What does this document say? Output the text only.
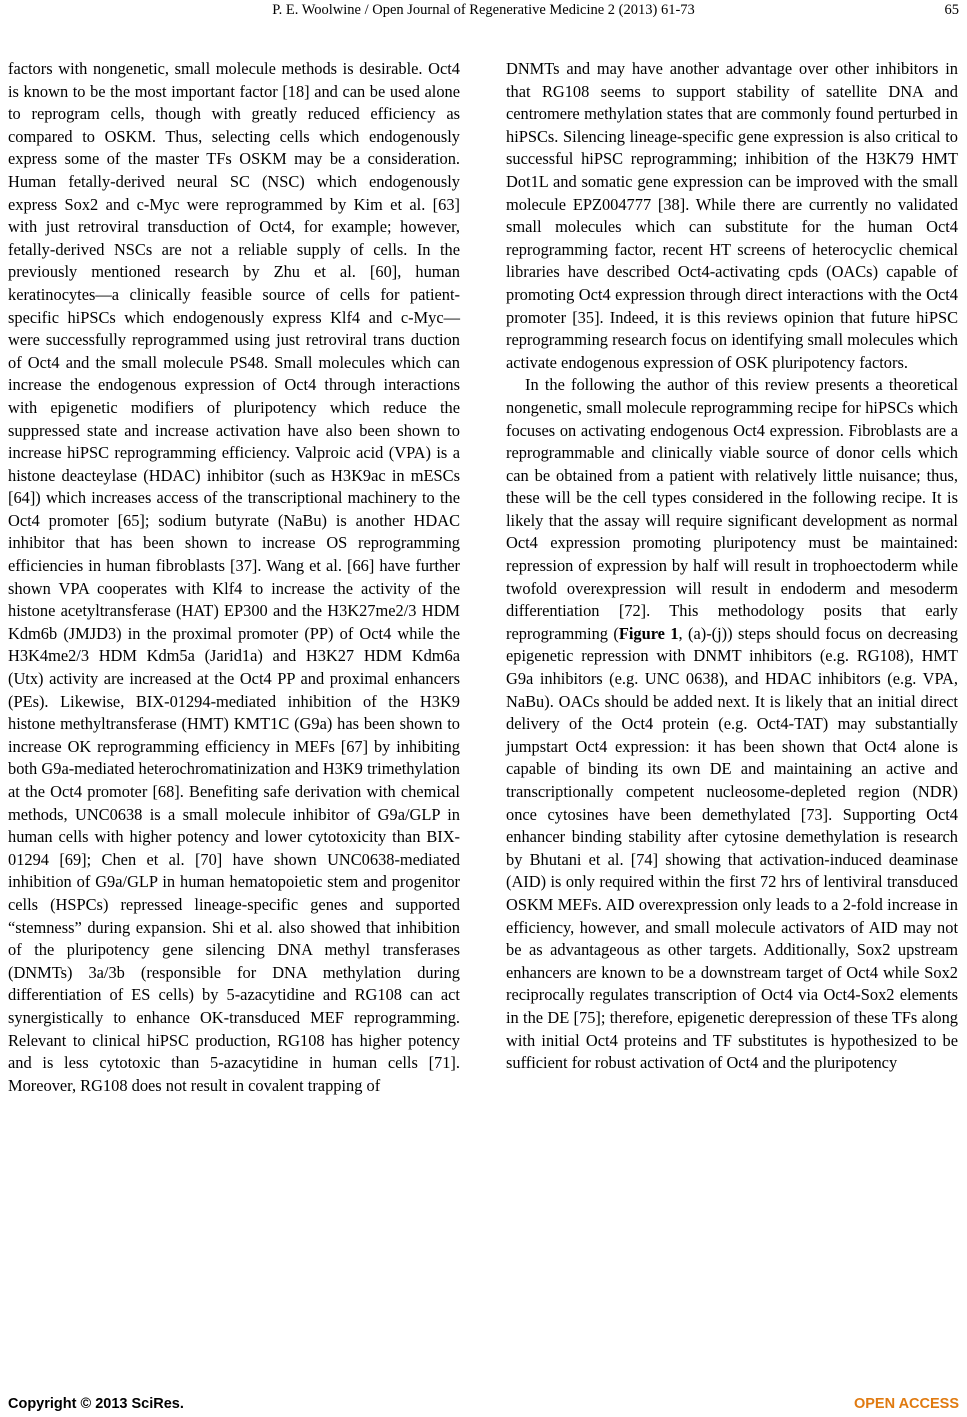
P. E. Woolwine / Open Journal of Regenerative Medicine 2 (2013) 61-73	65

factors with nongenetic, small molecule methods is desirable. Oct4 is known to be the most important factor [18] and can be used alone to reprogram cells, though with greatly reduced efficiency as compared to OSKM. Thus, selecting cells which endogenously express some of the master TFs OSKM may be a consideration. Human fetally-derived neural SC (NSC) which endogenously express Sox2 and c-Myc were reprogrammed by Kim et al. [63] with just retroviral transduction of Oct4, for example; however, fetally-derived NSCs are not a reliable supply of cells. In the previously mentioned research by Zhu et al. [60], human keratinocytes—a clinically feasible source of cells for patient-specific hiPSCs which endogenously express Klf4 and c-Myc—were successfully reprogrammed using just retroviral trans duction of Oct4 and the small molecule PS48. Small molecules which can increase the endogenous expression of Oct4 through interactions with epigenetic modifiers of pluripotency which reduce the suppressed state and increase activation have also been shown to increase hiPSC reprogramming efficiency. Valproic acid (VPA) is a histone deacteylase (HDAC) inhibitor (such as H3K9ac in mESCs [64]) which increases access of the transcriptional machinery to the Oct4 promoter [65]; sodium butyrate (NaBu) is another HDAC inhibitor that has been shown to increase OS reprogramming efficiencies in human fibroblasts [37]. Wang et al. [66] have further shown VPA cooperates with Klf4 to increase the activity of the histone acetyltransferase (HAT) EP300 and the H3K27me2/3 HDM Kdm6b (JMJD3) in the proximal promoter (PP) of Oct4 while the H3K4me2/3 HDM Kdm5a (Jarid1a) and H3K27 HDM Kdm6a (Utx) activity are increased at the Oct4 PP and proximal enhancers (PEs). Likewise, BIX-01294-mediated inhibition of the H3K9 histone methyltransferase (HMT) KMT1C (G9a) has been shown to increase OK reprogramming efficiency in MEFs [67] by inhibiting both G9a-mediated heterochromatinization and H3K9 trimethylation at the Oct4 promoter [68]. Benefiting safe derivation with chemical methods, UNC0638 is a small molecule inhibitor of G9a/GLP in human cells with higher potency and lower cytotoxicity than BIX-01294 [69]; Chen et al. [70] have shown UNC0638-mediated inhibition of G9a/GLP in human hematopoietic stem and progenitor cells (HSPCs) repressed lineage-specific genes and supported “stemness” during expansion. Shi et al. also showed that inhibition of the pluripotency gene silencing DNA methyl transferases (DNMTs) 3a/3b (responsible for DNA methylation during differentiation of ES cells) by 5-azacytidine and RG108 can act synergistically to enhance OK-transduced MEF reprogramming. Relevant to clinical hiPSC production, RG108 has higher potency and is less cytotoxic than 5-azacytidine in human cells [71]. Moreover, RG108 does not result in covalent trapping of

DNMTs and may have another advantage over other inhibitors in that RG108 seems to support stability of satellite DNA and centromere methylation states that are commonly found perturbed in hiPSCs. Silencing lineage-specific gene expression is also critical to successful hiPSC reprogramming; inhibition of the H3K79 HMT Dot1L and somatic gene expression can be improved with the small molecule EPZ004777 [38]. While there are currently no validated small molecules which can substitute for the human Oct4 reprogramming factor, recent HT screens of heterocyclic chemical libraries have described Oct4-activating cpds (OACs) capable of promoting Oct4 expression through direct interactions with the Oct4 promoter [35]. Indeed, it is this reviews opinion that future hiPSC reprogramming research focus on identifying small molecules which activate endogenous expression of OSK pluripotency factors.

In the following the author of this review presents a theoretical nongenetic, small molecule reprogramming recipe for hiPSCs which focuses on activating endogenous Oct4 expression. Fibroblasts are a reprogrammable and clinically viable source of donor cells which can be obtained from a patient with relatively little nuisance; thus, these will be the cell types considered in the following recipe. It is likely that the assay will require significant development as normal Oct4 expression promoting pluripotency must be maintained: repression of expression by half will result in trophoectoderm while twofold overexpression will result in endoderm and mesoderm differentiation [72]. This methodology posits that early reprogramming (Figure 1, (a)-(j)) steps should focus on decreasing epigenetic repression with DNMT inhibitors (e.g. RG108), HMT G9a inhibitors (e.g. UNC 0638), and HDAC inhibitors (e.g. VPA, NaBu). OACs should be added next. It is likely that an initial direct delivery of the Oct4 protein (e.g. Oct4-TAT) may substantially jumpstart Oct4 expression: it has been shown that Oct4 alone is capable of binding its own DE and maintaining an active and transcriptionally competent nucleosome-depleted region (NDR) once cytosines have been demethylated [73]. Supporting Oct4 enhancer binding stability after cytosine demethylation is research by Bhutani et al. [74] showing that activation-induced deaminase (AID) is only required within the first 72 hrs of lentiviral transduced OSKM MEFs. AID overexpression only leads to a 2-fold increase in efficiency, however, and small molecule activators of AID may not be as advantageous as other targets. Additionally, Sox2 upstream enhancers are known to be a downstream target of Oct4 while Sox2 reciprocally regulates transcription of Oct4 via Oct4-Sox2 elements in the DE [75]; therefore, epigenetic derepression of these TFs along with initial Oct4 proteins and TF substitutes is hypothesized to be sufficient for robust activation of Oct4 and the pluripotency

Copyright © 2013 SciRes.	OPEN ACCESS
